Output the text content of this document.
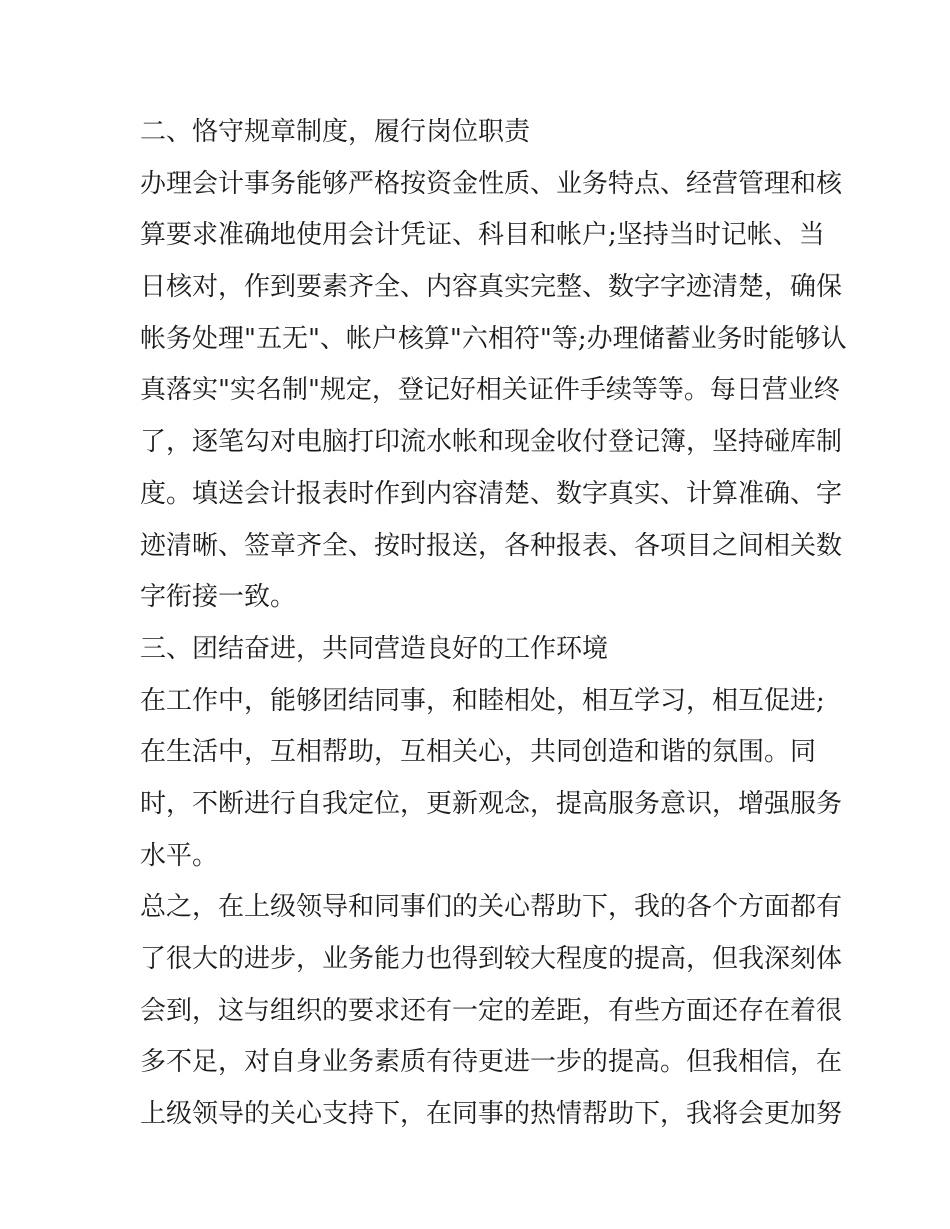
二、恪守规章制度，履行岗位职责
办理会计事务能够严格按资金性质、业务特点、经营管理和核
算要求准确地使用会计凭证、科目和帐户;坚持当时记帐、当
日核对，作到要素齐全、内容真实完整、数字字迹清楚，确保
帐务处理"五无"、帐户核算"六相符"等;办理储蓄业务时能够认
真落实"实名制"规定，登记好相关证件手续等等。每日营业终
了，逐笔勾对电脑打印流水帐和现金收付登记簿，坚持碰库制
度。填送会计报表时作到内容清楚、数字真实、计算准确、字
迹清晰、签章齐全、按时报送，各种报表、各项目之间相关数
字衔接一致。
三、团结奋进，共同营造良好的工作环境
在工作中，能够团结同事，和睦相处，相互学习，相互促进;
在生活中，互相帮助，互相关心，共同创造和谐的氛围。同
时，不断进行自我定位，更新观念，提高服务意识，增强服务
水平。
总之，在上级领导和同事们的关心帮助下，我的各个方面都有
了很大的进步，业务能力也得到较大程度的提高，但我深刻体
会到，这与组织的要求还有一定的差距，有些方面还存在着很
多不足，对自身业务素质有待更进一步的提高。但我相信，在
上级领导的关心支持下，在同事的热情帮助下，我将会更加努
